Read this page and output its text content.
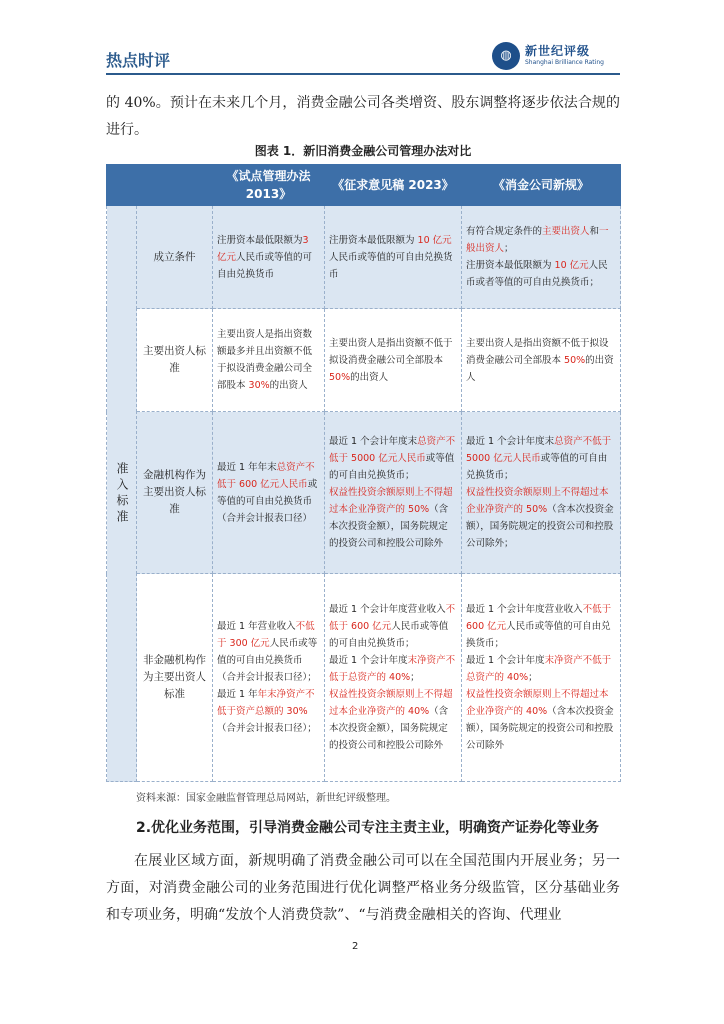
热点时评	◍	新世纪评级
Shanghai Brilliance Rating
的 40%。预计在未来几个月，消费金融公司各类增资、股东调整将逐步依法合规的进行。
图表 1．新旧消费金融公司管理办法对比
		《试点管理办法 2013》	《征求意见稿 2023》	《消金公司新规》
准入标准	成立条件	注册资本最低限额为3 亿元人民币或等值的可自由兑换货币	注册资本最低限额为 10 亿元人民币或等值的可自由兑换货币	有符合规定条件的主要出资人和一般出资人；
注册资本最低限额为 10 亿元人民币或者等值的可自由兑换货币；
	主要出资人标准	主要出资人是指出资数额最多并且出资额不低于拟设消费金融公司全部股本 30%的出资人	主要出资人是指出资额不低于拟设消费金融公司全部股本 50%的出资人	主要出资人是指出资额不低于拟设消费金融公司全部股本 50%的出资人
	金融机构作为主要出资人标准	最近 1 年年末总资产不低于 600 亿元人民币或等值的可自由兑换货币（合并会计报表口径）	最近 1 个会计年度末总资产不低于 5000 亿元人民币或等值的可自由兑换货币；
权益性投资余额原则上不得超过本企业净资产的 50%（含本次投资金额），国务院规定的投资公司和控股公司除外	最近 1 个会计年度末总资产不低于 5000 亿元人民币或等值的可自由兑换货币；
权益性投资余额原则上不得超过本企业净资产的 50%（含本次投资金额），国务院规定的投资公司和控股公司除外；
	非金融机构作为主要出资人标准	最近 1 年营业收入不低于 300 亿元人民币或等值的可自由兑换货币（合并会计报表口径）；
最近 1 年年末净资产不低于资产总额的 30%（合并会计报表口径）；	最近 1 个会计年度营业收入不低于 600 亿元人民币或等值的可自由兑换货币；
最近 1 个会计年度末净资产不低于总资产的 40%；
权益性投资余额原则上不得超过本企业净资产的 40%（含本次投资金额），国务院规定的投资公司和控股公司除外	最近 1 个会计年度营业收入不低于 600 亿元人民币或等值的可自由兑换货币；
最近 1 个会计年度末净资产不低于总资产的 40%；
权益性投资余额原则上不得超过本企业净资产的 40%（含本次投资金额），国务院规定的投资公司和控股公司除外
资料来源：国家金融监督管理总局网站，新世纪评级整理。
2.优化业务范围，引导消费金融公司专注主责主业，明确资产证券化等业务
在展业区域方面，新规明确了消费金融公司可以在全国范围内开展业务；另一方面，对消费金融公司的业务范围进行优化调整严格业务分级监管，区分基础业务和专项业务，明确“发放个人消费贷款”、“与消费金融相关的咨询、代理业
2
